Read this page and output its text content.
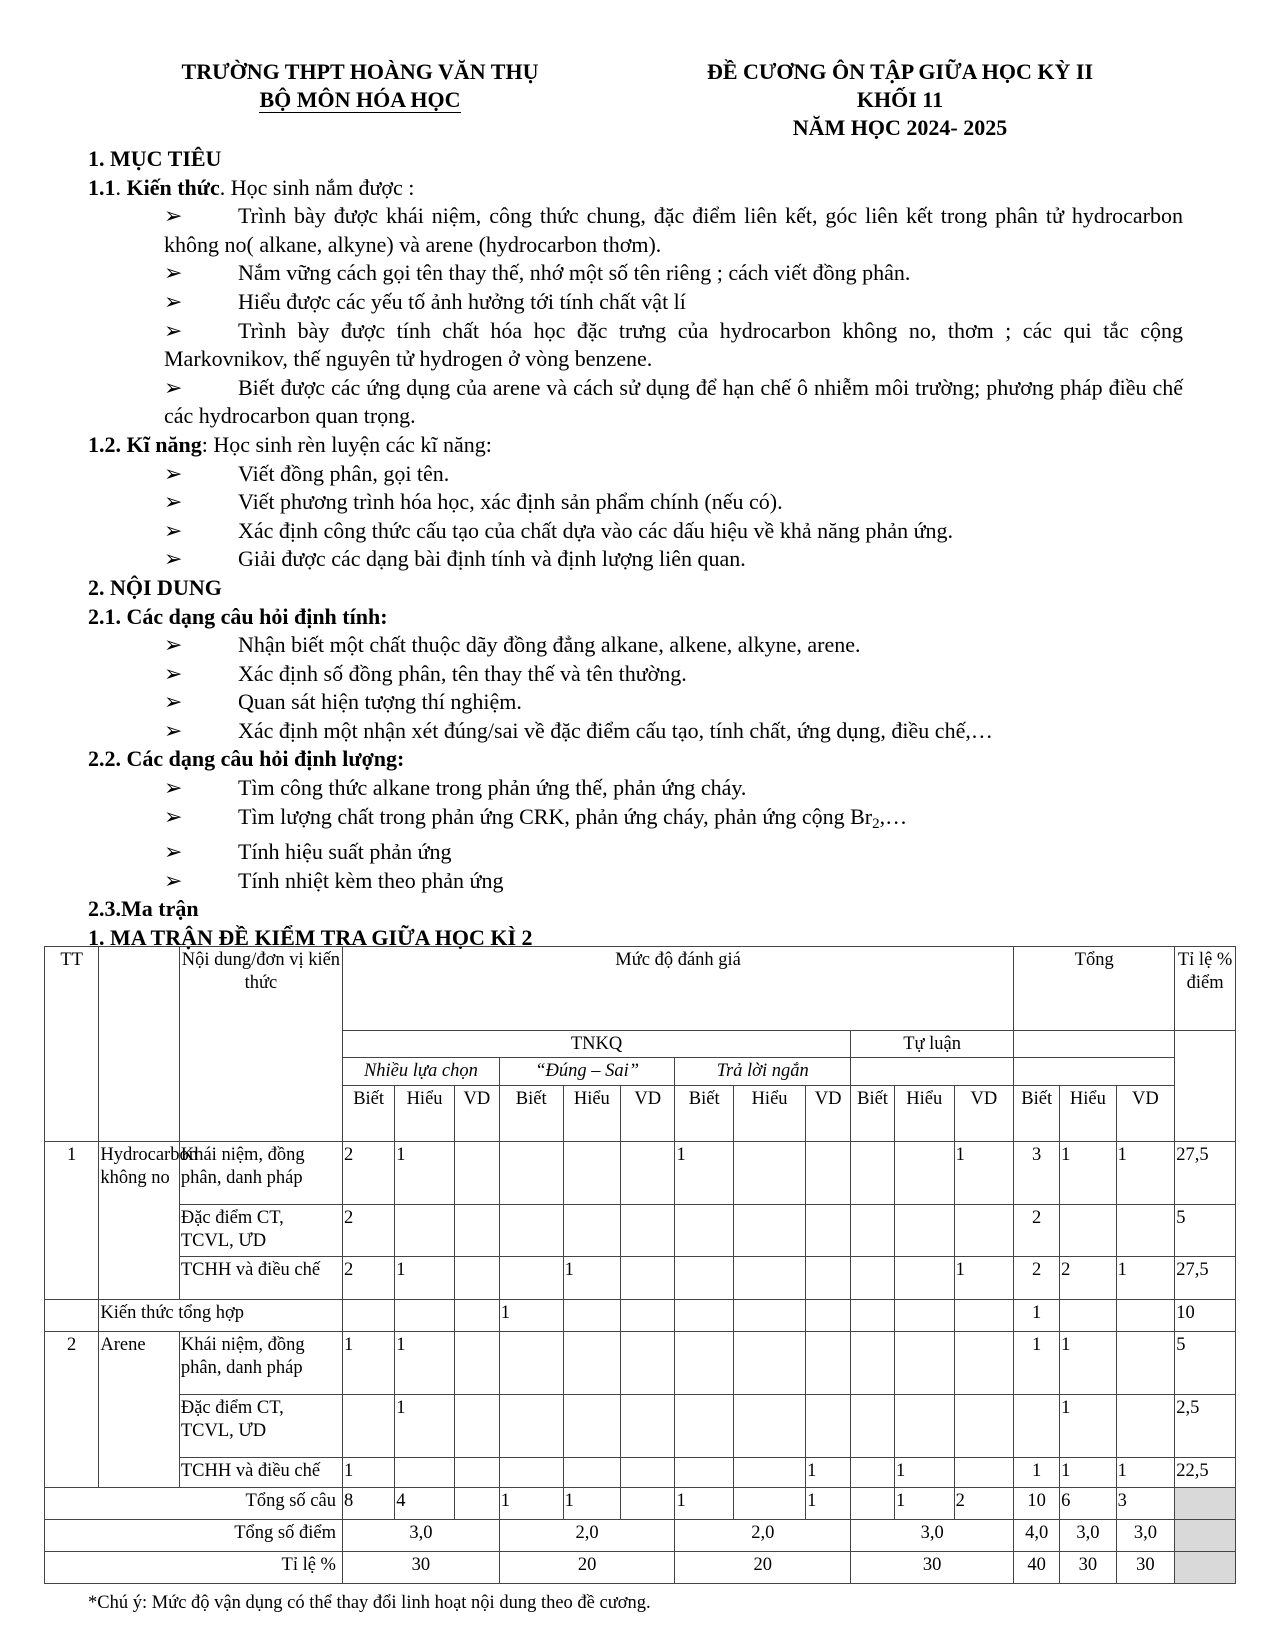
TRƯỜNG THPT HOÀNG VĂN THỤ
BỘ MÔN HÓA HỌC
ĐỀ CƯƠNG ÔN TẬP GIỮA HỌC KỲ II
KHỐI 11
NĂM HỌC 2024- 2025
1. MỤC TIÊU
1.1. Kiến thức. Học sinh nắm được :
➢	Trình bày được khái niệm, công thức chung, đặc điểm liên kết, góc liên kết trong phân tử hydrocarbon không no( alkane, alkyne) và arene (hydrocarbon thơm).
➢	Nắm vững cách gọi tên thay thế, nhớ một số tên riêng ; cách viết đồng phân.
➢	Hiểu được các yếu tố ảnh hưởng tới tính chất vật lí
➢	Trình bày được tính chất hóa học đặc trưng của hydrocarbon không no, thơm ; các qui tắc cộng Markovnikov, thế nguyên tử hydrogen ở vòng benzene.
➢	Biết được các ứng dụng của arene và cách sử dụng để hạn chế ô nhiễm môi trường; phương pháp điều chế các hydrocarbon quan trọng.
1.2. Kĩ năng: Học sinh rèn luyện các kĩ năng:
➢	Viết đồng phân, gọi tên.
➢	Viết phương trình hóa học, xác định sản phẩm chính (nếu có).
➢	Xác định công thức cấu tạo của chất dựa vào các dấu hiệu về khả năng phản ứng.
➢	Giải được các dạng bài định tính và định lượng liên quan.
2. NỘI DUNG
2.1. Các dạng câu hỏi định tính:
➢	Nhận biết một chất thuộc dãy đồng đẳng alkane, alkene, alkyne, arene.
➢	Xác định số đồng phân, tên thay thế và tên thường.
➢	Quan sát hiện tượng thí nghiệm.
➢	Xác định một nhận xét đúng/sai về đặc điểm cấu tạo, tính chất, ứng dụng, điều chế,…
2.2. Các dạng câu hỏi định lượng:
➢	Tìm công thức alkane trong phản ứng thế, phản ứng cháy.
➢	Tìm lượng chất trong phản ứng CRK, phản ứng cháy, phản ứng cộng Br2,…
➢	Tính hiệu suất phản ứng
➢	Tính nhiệt kèm theo phản ứng
2.3.Ma trận
1. MA TRẬN ĐỀ KIỂM TRA GIỮA HỌC KÌ 2
TT		Nội dung/đơn vị kiến thức	Mức độ đánh giá												Tổng			Tỉ lệ % điểm
			TNKQ									Tự luận						
			Nhiều lựa chọn			“Đúng – Sai”			Trả lời ngắn									
			Biết	Hiểu	VD	Biết	Hiểu	VD	Biết	Hiểu	VD	Biết	Hiểu	VD	Biết	Hiểu	VD	
1	Hydrocarbon không no	Khái niệm, đồng phân, danh pháp	2	1					1					1	3	1	1	27,5
		Đặc điểm CT, TCVL, ƯD	2												2			5
		TCHH và điều chế	2	1			1							1	2	2	1	27,5
	Kiến thức tổng hợp					1									1			10
2	Arene	Khái niệm, đồng phân, danh pháp	1	1											1	1		5
		Đặc điểm CT, TCVL, ƯD		1												1		2,5
		TCHH và điều chế	1								1		1		1	1	1	22,5
Tổng số câu			8	4		1	1		1		1		1	2	10	6	3	
Tổng số điểm			3,0			2,0			2,0			3,0			4,0	3,0	3,0	
Tỉ lệ %			30			20			20			30			40	30	30	
*Chú ý: Mức độ vận dụng có thể thay đổi linh hoạt nội dung theo đề cương.
